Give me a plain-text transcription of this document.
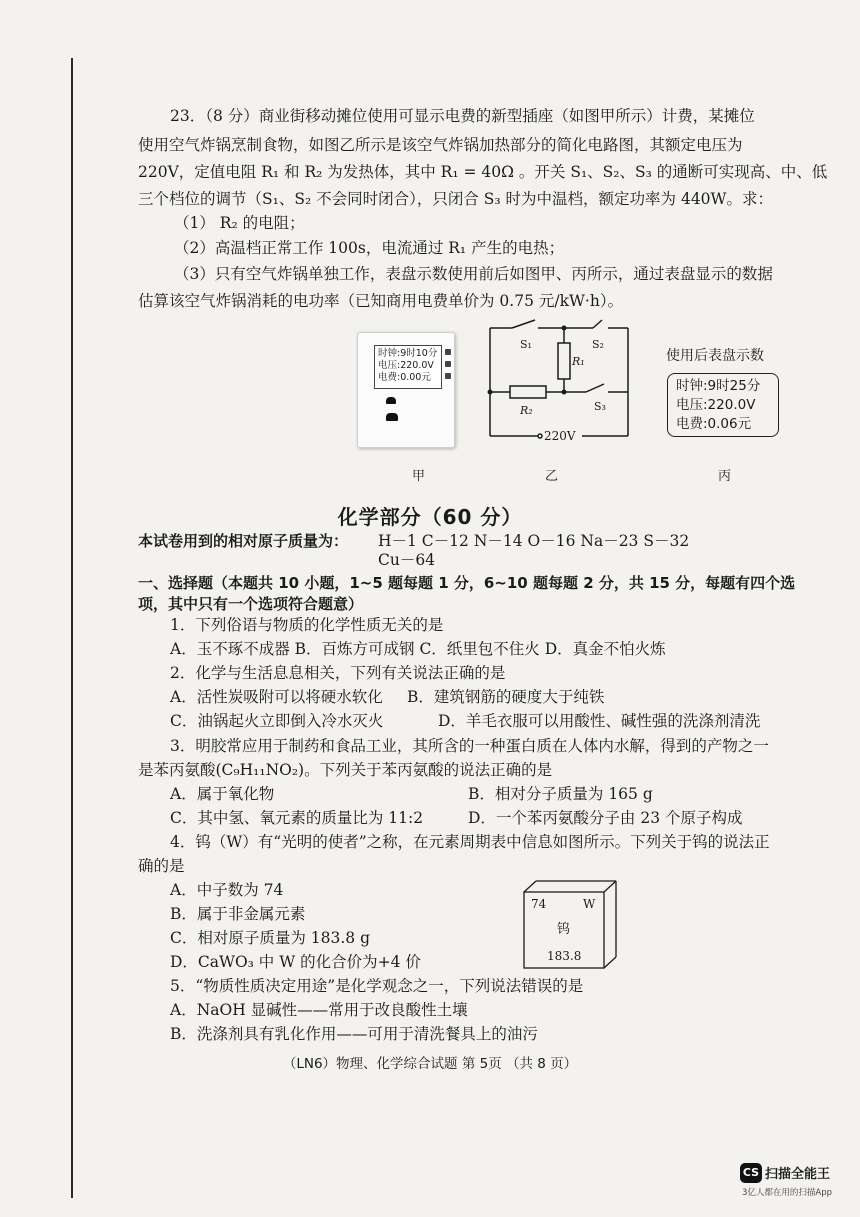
23．（8 分）商业街移动摊位使用可显示电费的新型插座（如图甲所示）计费，某摊位
使用空气炸锅烹制食物，如图乙所示是该空气炸锅加热部分的简化电路图，其额定电压为
220V，定值电阻 R₁ 和 R₂ 为发热体，其中 R₁ = 40Ω 。开关 S₁、S₂、S₃ 的通断可实现高、中、低
三个档位的调节（S₁、S₂ 不会同时闭合），只闭合 S₃ 时为中温档，额定功率为 440W。求：
（1） R₂ 的电阻；
（2）高温档正常工作 100s，电流通过 R₁ 产生的电热；
（3）只有空气炸锅单独工作，表盘示数使用前后如图甲、丙所示，通过表盘显示的数据
估算该空气炸锅消耗的电功率（已知商用电费单价为 0.75 元/kW·h）。
时钟:9时10分
电压:220.0V
电费:0.00元
甲
S₁	S₂
R₁
R₂	S₃
220V
乙
使用后表盘示数
时钟:9时25分
电压:220.0V
电费:0.06元
丙
化学部分（60 分）
本试卷用到的相对原子质量为： H－1 C－12 N－14 O－16 Na－23 S－32
Cu－64
一、选择题（本题共 10 小题，1~5 题每题 1 分，6~10 题每题 2 分，共 15 分，每题有四个选
项，其中只有一个选项符合题意）
1．下列俗语与物质的化学性质无关的是
A．玉不琢不成器 B．百炼方可成钢 C．纸里包不住火 D．真金不怕火炼
2．化学与生活息息相关，下列有关说法正确的是
A．活性炭吸附可以将硬水软化 B．建筑钢筋的硬度大于纯铁
C．油锅起火立即倒入冷水灭火	D．羊毛衣服可以用酸性、碱性强的洗涤剂清洗
3．明胶常应用于制药和食品工业，其所含的一种蛋白质在人体内水解，得到的产物之一
是苯丙氨酸(C₉H₁₁NO₂)。下列关于苯丙氨酸的说法正确的是
A．属于氧化物	B．相对分子质量为 165 g
C．其中氢、氧元素的质量比为 11:2	D．一个苯丙氨酸分子由 23 个原子构成
4．钨（W）有“光明的使者”之称，在元素周期表中信息如图所示。下列关于钨的说法正
确的是
A．中子数为 74
B．属于非金属元素
C．相对原子质量为 183.8 g
D．CaWO₃ 中 W 的化合价为+4 价
74	W
钨
183.8
5．“物质性质决定用途”是化学观念之一，下列说法错误的是
A．NaOH 显碱性——常用于改良酸性土壤
B．洗涤剂具有乳化作用——可用于清洗餐具上的油污
（LN6）物理、化学综合试题 第 5页 （共 8 页）
CS 扫描全能王
3亿人都在用的扫描App
